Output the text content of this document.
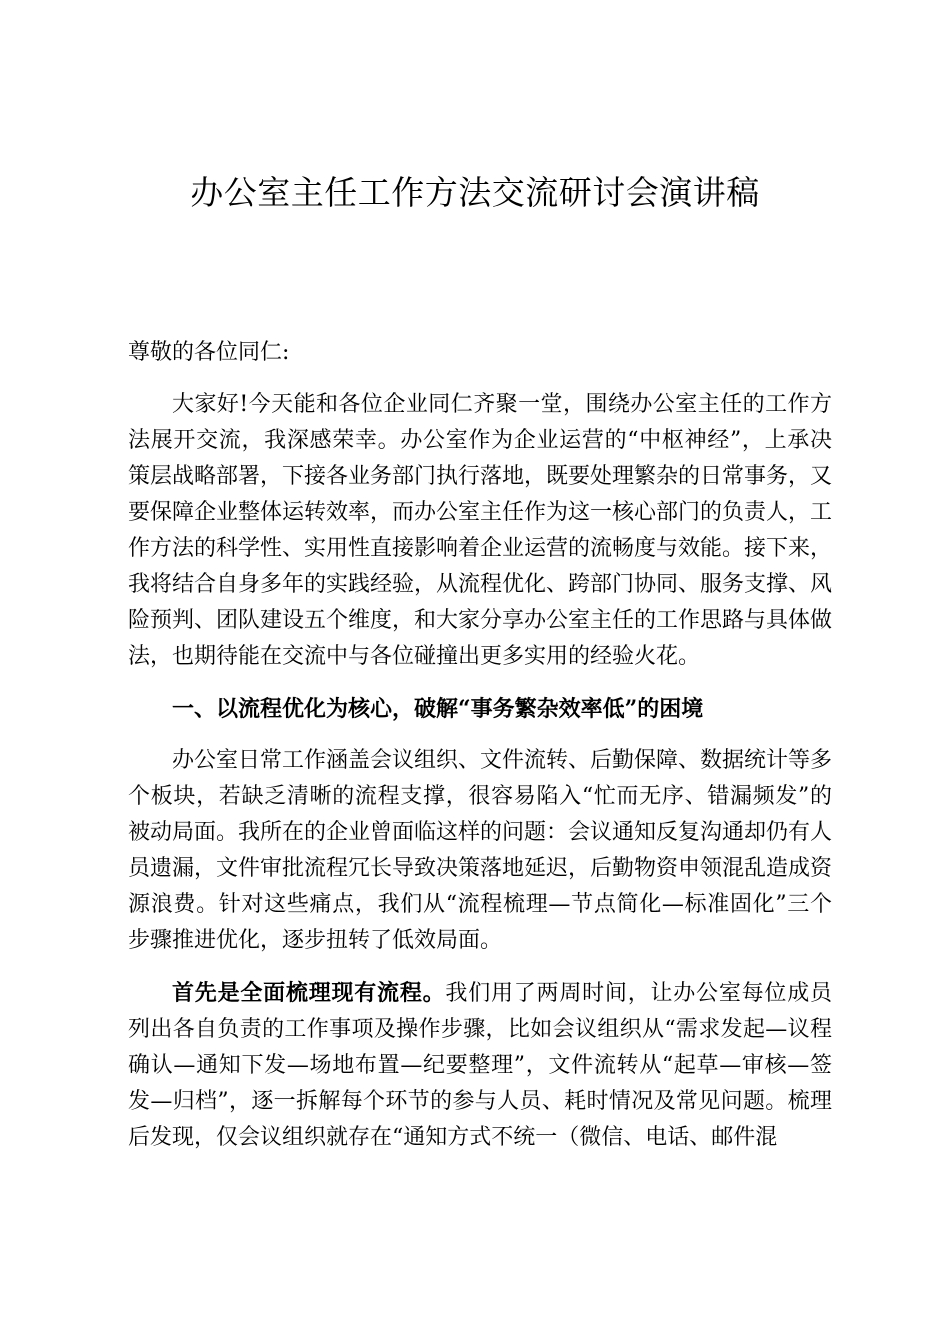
办公室主任工作方法交流研讨会演讲稿

尊敬的各位同仁:

大家好!今天能和各位企业同仁齐聚一堂，围绕办公室主任的工作方法展开交流，我深感荣幸。办公室作为企业运营的“中枢神经”，上承决策层战略部署，下接各业务部门执行落地，既要处理繁杂的日常事务，又要保障企业整体运转效率，而办公室主任作为这一核心部门的负责人，工作方法的科学性、实用性直接影响着企业运营的流畅度与效能。接下来，我将结合自身多年的实践经验，从流程优化、跨部门协同、服务支撑、风险预判、团队建设五个维度，和大家分享办公室主任的工作思路与具体做法，也期待能在交流中与各位碰撞出更多实用的经验火花。

一、以流程优化为核心，破解“事务繁杂效率低”的困境

办公室日常工作涵盖会议组织、文件流转、后勤保障、数据统计等多个板块，若缺乏清晰的流程支撑，很容易陷入“忙而无序、错漏频发”的被动局面。我所在的企业曾面临这样的问题：会议通知反复沟通却仍有人员遗漏，文件审批流程冗长导致决策落地延迟，后勤物资申领混乱造成资源浪费。针对这些痛点，我们从“流程梳理—节点简化—标准固化”三个步骤推进优化，逐步扭转了低效局面。

首先是全面梳理现有流程。我们用了两周时间，让办公室每位成员列出各自负责的工作事项及操作步骤，比如会议组织从“需求发起—议程确认—通知下发—场地布置—纪要整理”，文件流转从“起草—审核—签发—归档”，逐一拆解每个环节的参与人员、耗时情况及常见问题。梳理后发现，仅会议组织就存在“通知方式不统一（微信、电话、邮件混
